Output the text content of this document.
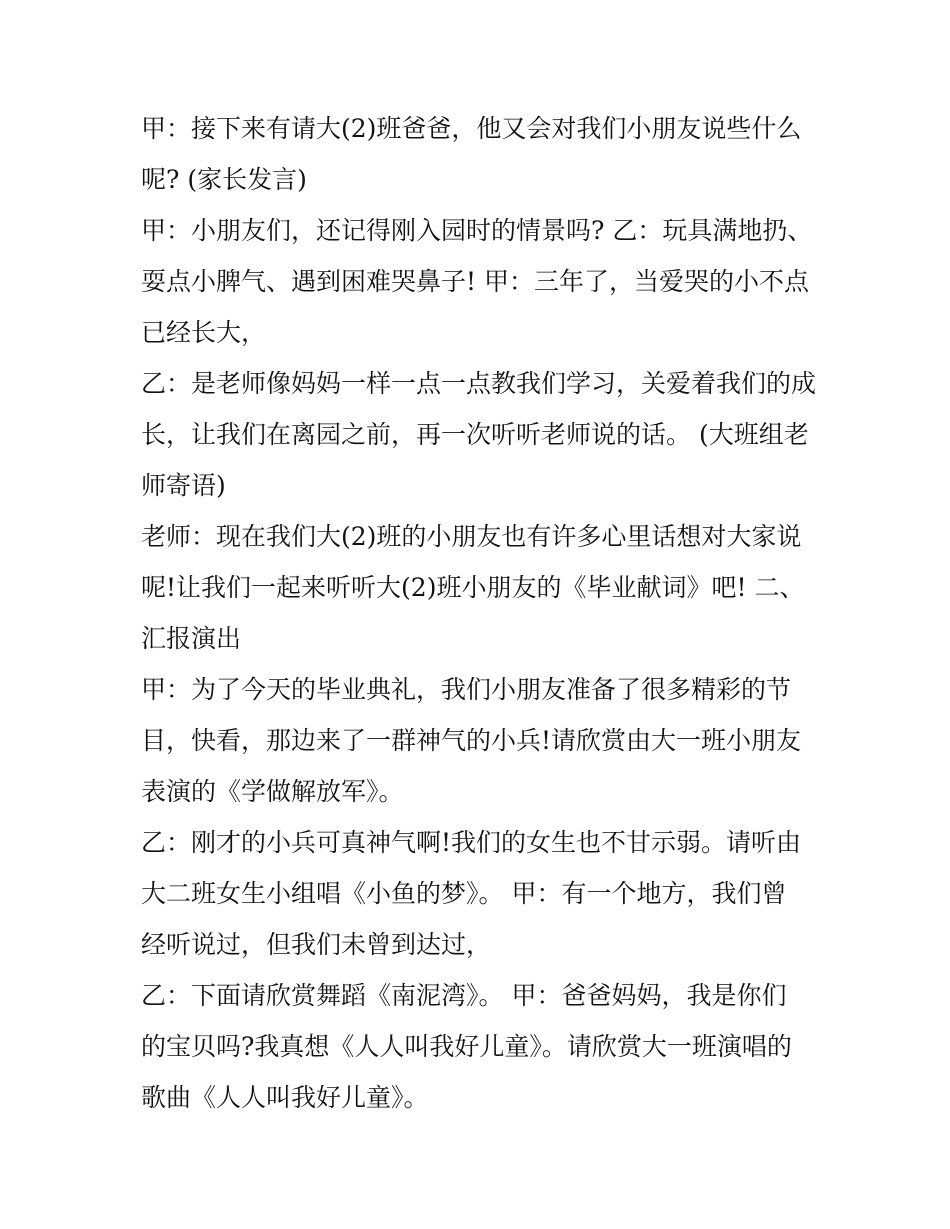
甲：接下来有请大(2)班爸爸，他又会对我们小朋友说些什么
呢? (家长发言)
甲：小朋友们，还记得刚入园时的情景吗? 乙：玩具满地扔、
耍点小脾气、遇到困难哭鼻子! 甲：三年了，当爱哭的小不点
已经长大，
乙：是老师像妈妈一样一点一点教我们学习，关爱着我们的成
长，让我们在离园之前，再一次听听老师说的话。 (大班组老
师寄语)
老师：现在我们大(2)班的小朋友也有许多心里话想对大家说
呢!让我们一起来听听大(2)班小朋友的《毕业献词》吧! 二、
汇报演出
甲：为了今天的毕业典礼，我们小朋友准备了很多精彩的节
目，快看，那边来了一群神气的小兵!请欣赏由大一班小朋友
表演的《学做解放军》。
乙：刚才的小兵可真神气啊!我们的女生也不甘示弱。请听由
大二班女生小组唱《小鱼的梦》。 甲：有一个地方，我们曾
经听说过，但我们未曾到达过，
乙：下面请欣赏舞蹈《南泥湾》。 甲：爸爸妈妈，我是你们
的宝贝吗?我真想《人人叫我好儿童》。请欣赏大一班演唱的
歌曲《人人叫我好儿童》。
